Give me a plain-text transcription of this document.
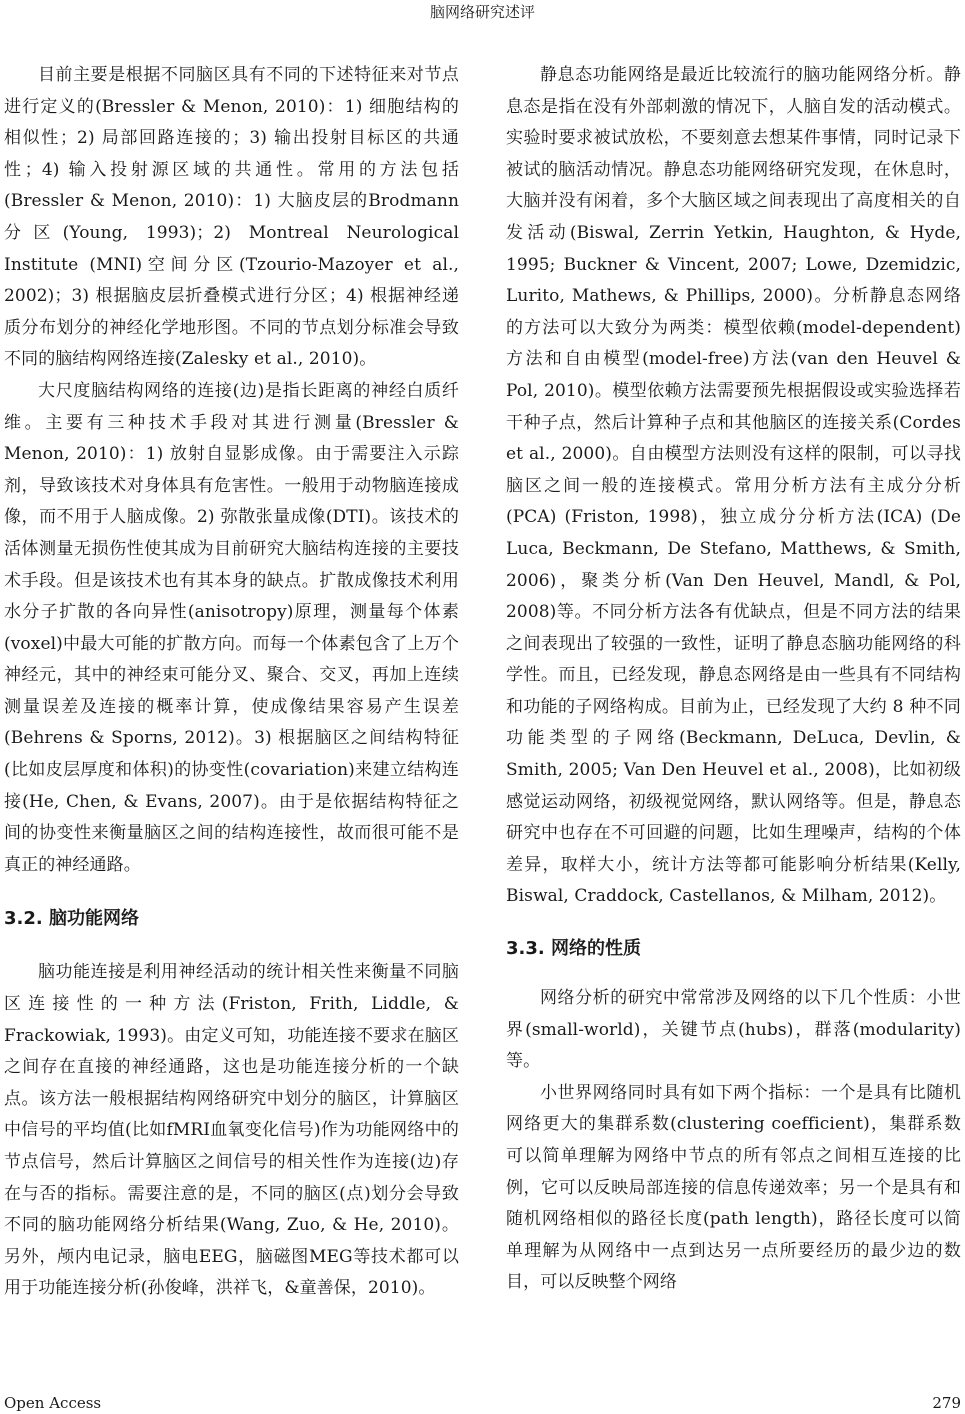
脑网络研究述评

目前主要是根据不同脑区具有不同的下述特征来对节点进行定义的(Bressler & Menon, 2010)：1) 细胞结构的相似性；2) 局部回路连接的；3) 输出投射目标区的共通性；4) 输入投射源区域的共通性。常用的方法包括(Bressler & Menon, 2010)：1) 大脑皮层的Brodmann分区(Young, 1993)；2) Montreal Neurological Institute (MNI)空间分区(Tzourio-Mazoyer et al., 2002)；3) 根据脑皮层折叠模式进行分区；4) 根据神经递质分布划分的神经化学地形图。不同的节点划分标准会导致不同的脑结构网络连接(Zalesky et al., 2010)。

大尺度脑结构网络的连接(边)是指长距离的神经白质纤维。主要有三种技术手段对其进行测量(Bressler & Menon, 2010)：1) 放射自显影成像。由于需要注入示踪剂，导致该技术对身体具有危害性。一般用于动物脑连接成像，而不用于人脑成像。2) 弥散张量成像(DTI)。该技术的活体测量无损伤性使其成为目前研究大脑结构连接的主要技术手段。但是该技术也有其本身的缺点。扩散成像技术利用水分子扩散的各向异性(anisotropy)原理，测量每个体素(voxel)中最大可能的扩散方向。而每一个体素包含了上万个神经元，其中的神经束可能分叉、聚合、交叉，再加上连续测量误差及连接的概率计算，使成像结果容易产生误差(Behrens & Sporns, 2012)。3) 根据脑区之间结构特征(比如皮层厚度和体积)的协变性(covariation)来建立结构连接(He, Chen, & Evans, 2007)。由于是依据结构特征之间的协变性来衡量脑区之间的结构连接性，故而很可能不是真正的神经通路。

3.2. 脑功能网络

脑功能连接是利用神经活动的统计相关性来衡量不同脑区连接性的一种方法(Friston, Frith, Liddle, & Frackowiak, 1993)。由定义可知，功能连接不要求在脑区之间存在直接的神经通路，这也是功能连接分析的一个缺点。该方法一般根据结构网络研究中划分的脑区，计算脑区中信号的平均值(比如fMRI血氧变化信号)作为功能网络中的节点信号，然后计算脑区之间信号的相关性作为连接(边)存在与否的指标。需要注意的是，不同的脑区(点)划分会导致不同的脑功能网络分析结果(Wang, Zuo, & He, 2010)。另外，颅内电记录，脑电EEG，脑磁图MEG等技术都可以用于功能连接分析(孙俊峰，洪祥飞，&童善保，2010)。

静息态功能网络是最近比较流行的脑功能网络分析。静息态是指在没有外部刺激的情况下，人脑自发的活动模式。实验时要求被试放松，不要刻意去想某件事情，同时记录下被试的脑活动情况。静息态功能网络研究发现，在休息时，大脑并没有闲着，多个大脑区域之间表现出了高度相关的自发活动(Biswal, Zerrin Yetkin, Haughton, & Hyde, 1995; Buckner & Vincent, 2007; Lowe, Dzemidzic, Lurito, Mathews, & Phillips, 2000)。分析静息态网络的方法可以大致分为两类：模型依赖(model-dependent)方法和自由模型(model-free)方法(van den Heuvel & Pol, 2010)。模型依赖方法需要预先根据假设或实验选择若干种子点，然后计算种子点和其他脑区的连接关系(Cordes et al., 2000)。自由模型方法则没有这样的限制，可以寻找脑区之间一般的连接模式。常用分析方法有主成分分析(PCA) (Friston, 1998)，独立成分分析方法(ICA) (De Luca, Beckmann, De Stefano, Matthews, & Smith, 2006)，聚类分析(Van Den Heuvel, Mandl, & Pol, 2008)等。不同分析方法各有优缺点，但是不同方法的结果之间表现出了较强的一致性，证明了静息态脑功能网络的科学性。而且，已经发现，静息态网络是由一些具有不同结构和功能的子网络构成。目前为止，已经发现了大约 8 种不同功能类型的子网络(Beckmann, DeLuca, Devlin, & Smith, 2005; Van Den Heuvel et al., 2008)，比如初级感觉运动网络，初级视觉网络，默认网络等。但是，静息态研究中也存在不可回避的问题，比如生理噪声，结构的个体差异，取样大小，统计方法等都可能影响分析结果(Kelly, Biswal, Craddock, Castellanos, & Milham, 2012)。

3.3. 网络的性质

网络分析的研究中常常涉及网络的以下几个性质：小世界(small-world)，关键节点(hubs)，群落(modularity)等。

小世界网络同时具有如下两个指标：一个是具有比随机网络更大的集群系数(clustering coefficient)，集群系数可以简单理解为网络中节点的所有邻点之间相互连接的比例，它可以反映局部连接的信息传递效率；另一个是具有和随机网络相似的路径长度(path length)，路径长度可以简单理解为从网络中一点到达另一点所要经历的最少边的数目，可以反映整个网络

Open Access	279
